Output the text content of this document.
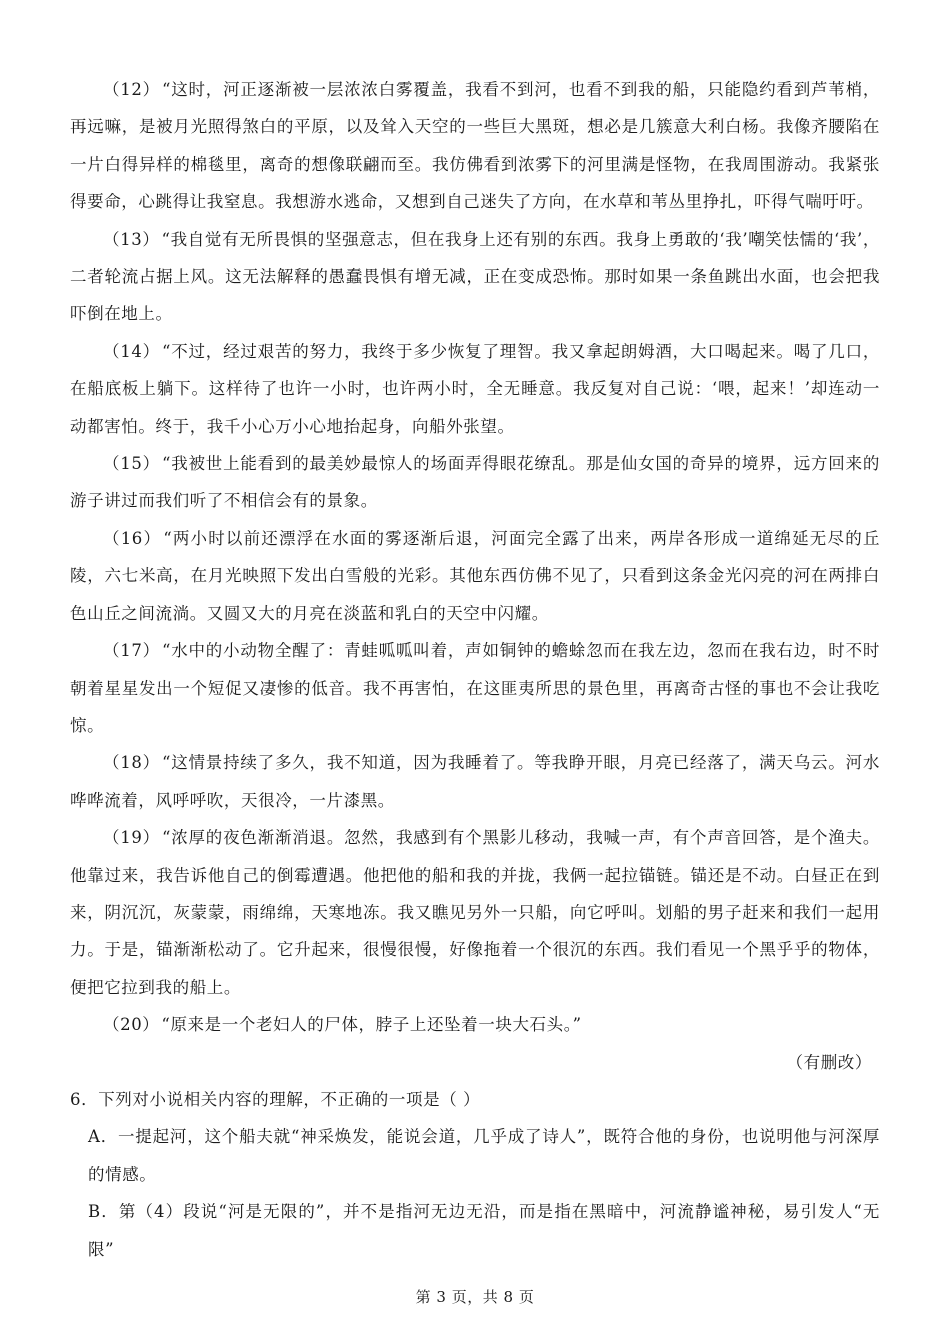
（12） “这时，河正逐渐被一层浓浓白雾覆盖，我看不到河，也看不到我的船，只能隐约看到芦苇梢，再远嘛，是被月光照得煞白的平原，以及耸入天空的一些巨大黑斑，想必是几簇意大利白杨。我像齐腰陷在一片白得异样的棉毯里，离奇的想像联翩而至。我仿佛看到浓雾下的河里满是怪物，在我周围游动。我紧张得要命，心跳得让我窒息。我想游水逃命，又想到自己迷失了方向，在水草和苇丛里挣扎，吓得气喘吁吁。

（13） “我自觉有无所畏惧的坚强意志，但在我身上还有别的东西。我身上勇敢的‘我’嘲笑怯懦的‘我’，二者轮流占据上风。这无法解释的愚蠢畏惧有增无减，正在变成恐怖。那时如果一条鱼跳出水面，也会把我吓倒在地上。

（14） “不过，经过艰苦的努力，我终于多少恢复了理智。我又拿起朗姆酒，大口喝起来。喝了几口，在船底板上躺下。这样待了也许一小时，也许两小时，全无睡意。我反复对自己说：‘喂，起来！’却连动一动都害怕。终于，我千小心万小心地抬起身，向船外张望。

（15） “我被世上能看到的最美妙最惊人的场面弄得眼花缭乱。那是仙女国的奇异的境界，远方回来的游子讲过而我们听了不相信会有的景象。

（16） “两小时以前还漂浮在水面的雾逐渐后退，河面完全露了出来，两岸各形成一道绵延无尽的丘陵，六七米高，在月光映照下发出白雪般的光彩。其他东西仿佛不见了，只看到这条金光闪亮的河在两排白色山丘之间流淌。又圆又大的月亮在淡蓝和乳白的天空中闪耀。

（17） “水中的小动物全醒了：青蛙呱呱叫着，声如铜钟的蟾蜍忽而在我左边，忽而在我右边，时不时朝着星星发出一个短促又凄惨的低音。我不再害怕，在这匪夷所思的景色里，再离奇古怪的事也不会让我吃惊。

（18） “这情景持续了多久，我不知道，因为我睡着了。等我睁开眼，月亮已经落了，满天乌云。河水哗哗流着，风呼呼吹，天很冷，一片漆黑。

（19） “浓厚的夜色渐渐消退。忽然，我感到有个黑影儿移动，我喊一声，有个声音回答，是个渔夫。他靠过来，我告诉他自己的倒霉遭遇。他把他的船和我的并拢，我俩一起拉锚链。锚还是不动。白昼正在到来，阴沉沉，灰蒙蒙，雨绵绵，天寒地冻。我又瞧见另外一只船，向它呼叫。划船的男子赶来和我们一起用力。于是，锚渐渐松动了。它升起来，很慢很慢，好像拖着一个很沉的东西。我们看见一个黑乎乎的物体，便把它拉到我的船上。

（20） “原来是一个老妇人的尸体，脖子上还坠着一块大石头。”

（有删改）

6．下列对小说相关内容的理解，不正确的一项是（ ）

A．一提起河，这个船夫就“神采焕发，能说会道，几乎成了诗人”，既符合他的身份，也说明他与河深厚的情感。

B．第（4）段说“河是无限的”，并不是指河无边无沿，而是指在黑暗中，河流静谧神秘，易引发人“无限”

第 3 页，共 8 页
